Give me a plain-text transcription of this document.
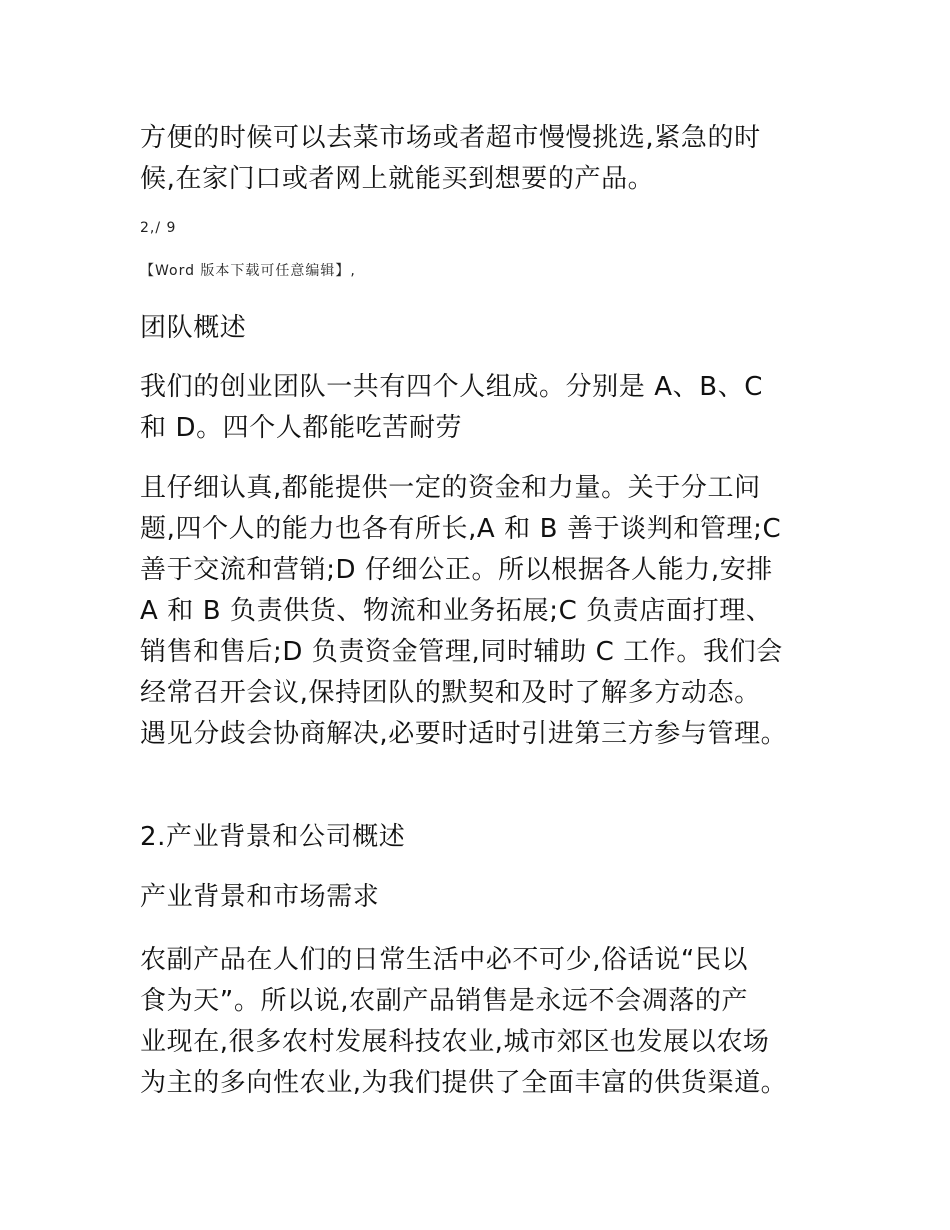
方便的时候可以去菜市场或者超市慢慢挑选,紧急的时
候,在家门口或者网上就能买到想要的产品。

2,/ 9
【Word 版本下载可任意编辑】,
团队概述

我们的创业团队一共有四个人组成。分别是 A、B、C
和 D。四个人都能吃苦耐劳

且仔细认真,都能提供一定的资金和力量。关于分工问
题,四个人的能力也各有所长,A 和 B 善于谈判和管理;C
善于交流和营销;D 仔细公正。所以根据各人能力,安排
A 和 B 负责供货、物流和业务拓展;C 负责店面打理、
销售和售后;D 负责资金管理,同时辅助 C 工作。我们会
经常召开会议,保持团队的默契和及时了解多方动态。
遇见分歧会协商解决,必要时适时引进第三方参与管理。

2.产业背景和公司概述
产业背景和市场需求

农副产品在人们的日常生活中必不可少,俗话说“民以
食为天”。所以说,农副产品销售是永远不会凋落的产
业现在,很多农村发展科技农业,城市郊区也发展以农场
为主的多向性农业,为我们提供了全面丰富的供货渠道。
